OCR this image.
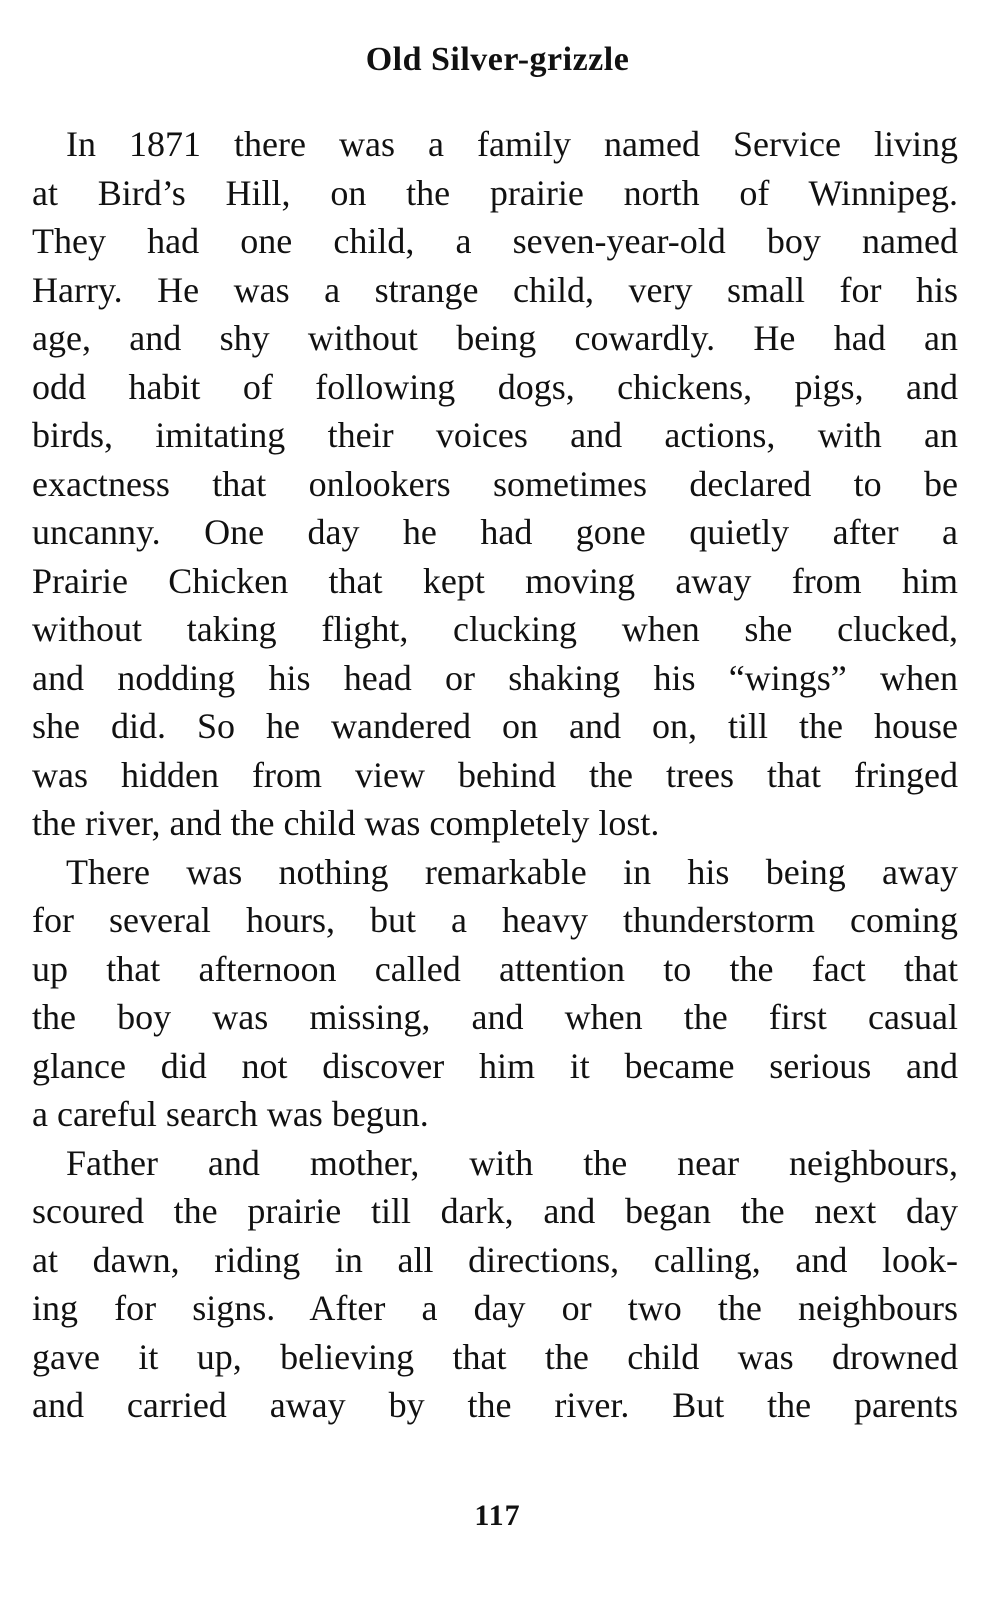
Old Silver-grizzle

In 1871 there was a family named Service living
at Bird’s Hill, on the prairie north of Winnipeg.
They had one child, a seven-year-old boy named
Harry. He was a strange child, very small for his
age, and shy without being cowardly. He had an
odd habit of following dogs, chickens, pigs, and
birds, imitating their voices and actions, with an
exactness that onlookers sometimes declared to be
uncanny. One day he had gone quietly after a
Prairie Chicken that kept moving away from him
without taking flight, clucking when she clucked,
and nodding his head or shaking his “wings” when
she did. So he wandered on and on, till the house
was hidden from view behind the trees that fringed
the river, and the child was completely lost.

There was nothing remarkable in his being away
for several hours, but a heavy thunderstorm coming
up that afternoon called attention to the fact that
the boy was missing, and when the first casual
glance did not discover him it became serious and
a careful search was begun.

Father and mother, with the near neighbours,
scoured the prairie till dark, and began the next day
at dawn, riding in all directions, calling, and look-
ing for signs. After a day or two the neighbours
gave it up, believing that the child was drowned
and carried away by the river. But the parents

117
